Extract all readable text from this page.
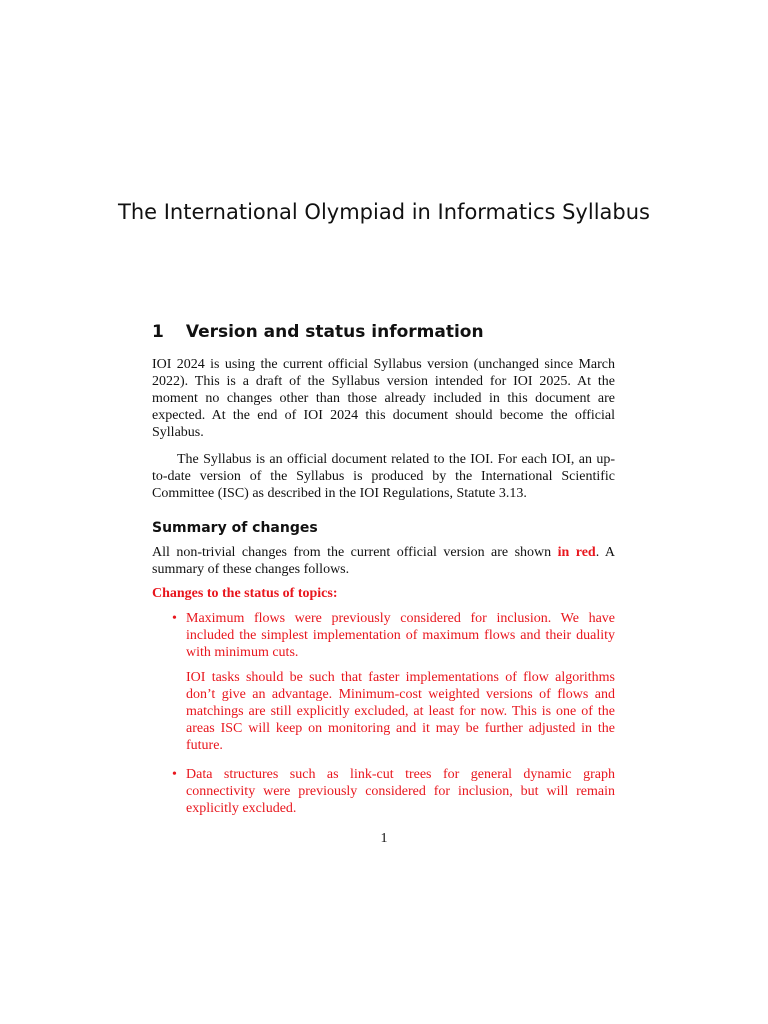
The International Olympiad in Informatics Syllabus
1 Version and status information

IOI 2024 is using the current official Syllabus version (unchanged since March 2022). This is a draft of the Syllabus version intended for IOI 2025. At the moment no changes other than those already included in this document are expected. At the end of IOI 2024 this document should become the official Syllabus.

The Syllabus is an official document related to the IOI. For each IOI, an up-to-date version of the Syllabus is produced by the International Scientific Committee (ISC) as described in the IOI Regulations, Statute 3.13.

Summary of changes

All non-trivial changes from the current official version are shown in red. A summary of these changes follows.

Changes to the status of topics:
• Maximum flows were previously considered for inclusion. We have included the simplest implementation of maximum flows and their duality with minimum cuts.

IOI tasks should be such that faster implementations of flow algorithms don’t give an advantage. Minimum-cost weighted versions of flows and matchings are still explicitly excluded, at least for now. This is one of the areas ISC will keep on monitoring and it may be further adjusted in the future.

• Data structures such as link-cut trees for general dynamic graph connectivity were previously considered for inclusion, but will remain explicitly excluded.

1
